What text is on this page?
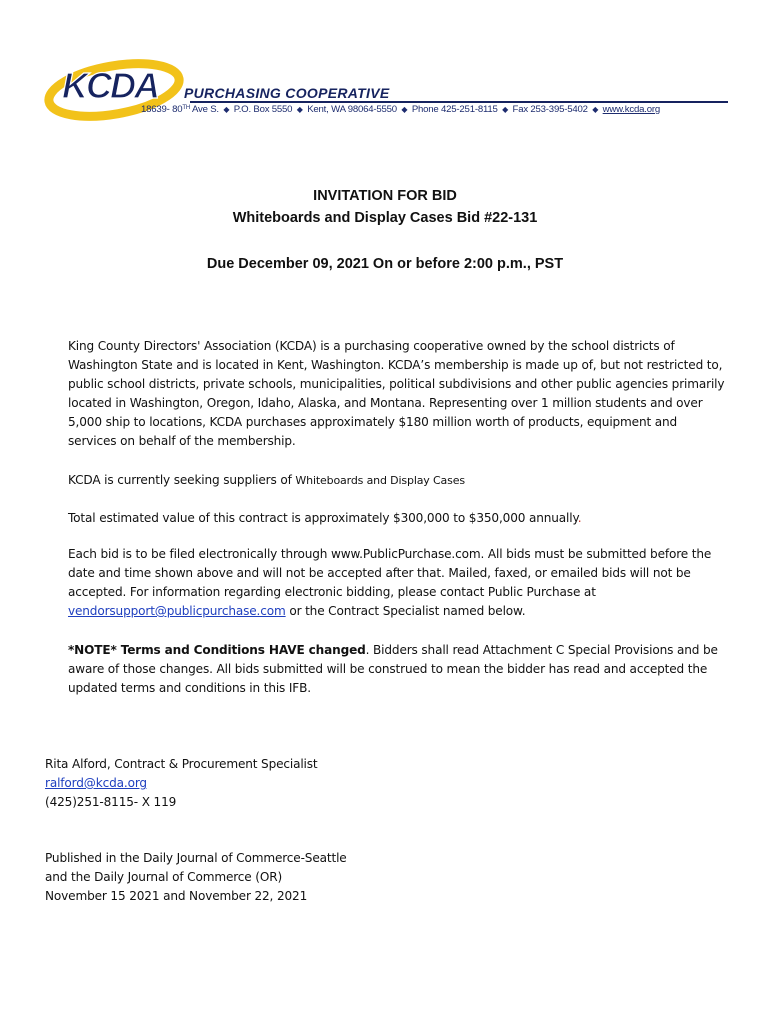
KCDA PURCHASING COOPERATIVE
18639- 80TH Ave S. ◆ P.O. Box 5550 ◆ Kent, WA 98064-5550 ◆ Phone 425-251-8115 ◆ Fax 253-395-5402 ◆ www.kcda.org
INVITATION FOR BID
Whiteboards and Display Cases Bid #22-131
Due December 09, 2021 On or before 2:00 p.m., PST
King County Directors' Association (KCDA) is a purchasing cooperative owned by the school districts of Washington State and is located in Kent, Washington. KCDA’s membership is made up of, but not restricted to, public school districts, private schools, municipalities, political subdivisions and other public agencies primarily located in Washington, Oregon, Idaho, Alaska, and Montana. Representing over 1 million students and over 5,000 ship to locations, KCDA purchases approximately $180 million worth of products, equipment and services on behalf of the membership.
KCDA is currently seeking suppliers of Whiteboards and Display Cases
Total estimated value of this contract is approximately $300,000 to $350,000 annually.
Each bid is to be filed electronically through www.PublicPurchase.com. All bids must be submitted before the date and time shown above and will not be accepted after that. Mailed, faxed, or emailed bids will not be accepted. For information regarding electronic bidding, please contact Public Purchase at vendorsupport@publicpurchase.com or the Contract Specialist named below.
*NOTE* Terms and Conditions HAVE changed. Bidders shall read Attachment C Special Provisions and be aware of those changes. All bids submitted will be construed to mean the bidder has read and accepted the updated terms and conditions in this IFB.
Rita Alford, Contract & Procurement Specialist
ralford@kcda.org
(425)251-8115- X 119
Published in the Daily Journal of Commerce-Seattle
and the Daily Journal of Commerce (OR)
November 15 2021 and November 22, 2021
